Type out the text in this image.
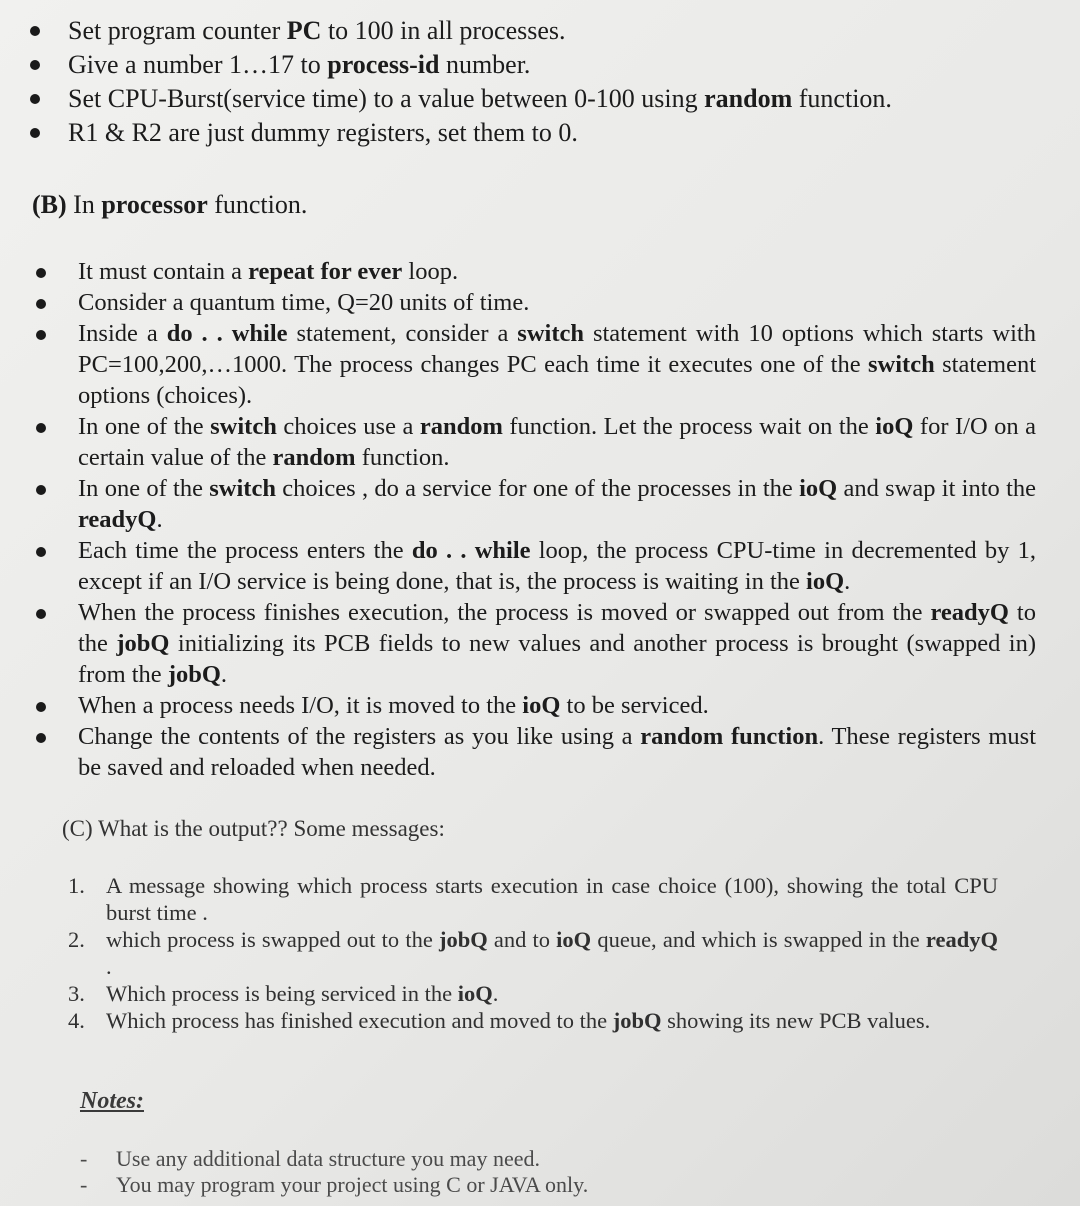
Set program counter PC to 100 in all processes.
Give a number 1…17 to process-id number.
Set CPU-Burst(service time) to a value between 0-100 using random function.
R1 & R2 are just dummy registers, set them to 0.
(B) In processor function.
It must contain a repeat for ever loop.
Consider a quantum time, Q=20 units of time.
Inside a do . . while statement, consider a switch statement with 10 options which starts with PC=100,200,…1000. The process changes PC each time it executes one of the switch statement options (choices).
In one of the switch choices use a random function. Let the process wait on the ioQ for I/O on a certain value of the random function.
In one of the switch choices , do a service for one of the processes in the ioQ and swap it into the readyQ.
Each time the process enters the do . . while loop, the process CPU-time in decremented by 1, except if an I/O service is being done, that is, the process is waiting in the ioQ.
When the process finishes execution, the process is moved or swapped out from the readyQ to the jobQ initializing its PCB fields to new values and another process is brought (swapped in) from the jobQ.
When a process needs I/O, it is moved to the ioQ to be serviced.
Change the contents of the registers as you like using a random function. These registers must be saved and reloaded when needed.
(C) What is the output?? Some messages:
1. A message showing which process starts execution in case choice (100), showing the total CPU burst time .
2. which process is swapped out to the jobQ and to ioQ queue, and which is swapped in the readyQ .
3. Which process is being serviced in the ioQ.
4. Which process has finished execution and moved to the jobQ showing its new PCB values.
Notes:
- Use any additional data structure you may need.
- You may program your project using C or JAVA only.
